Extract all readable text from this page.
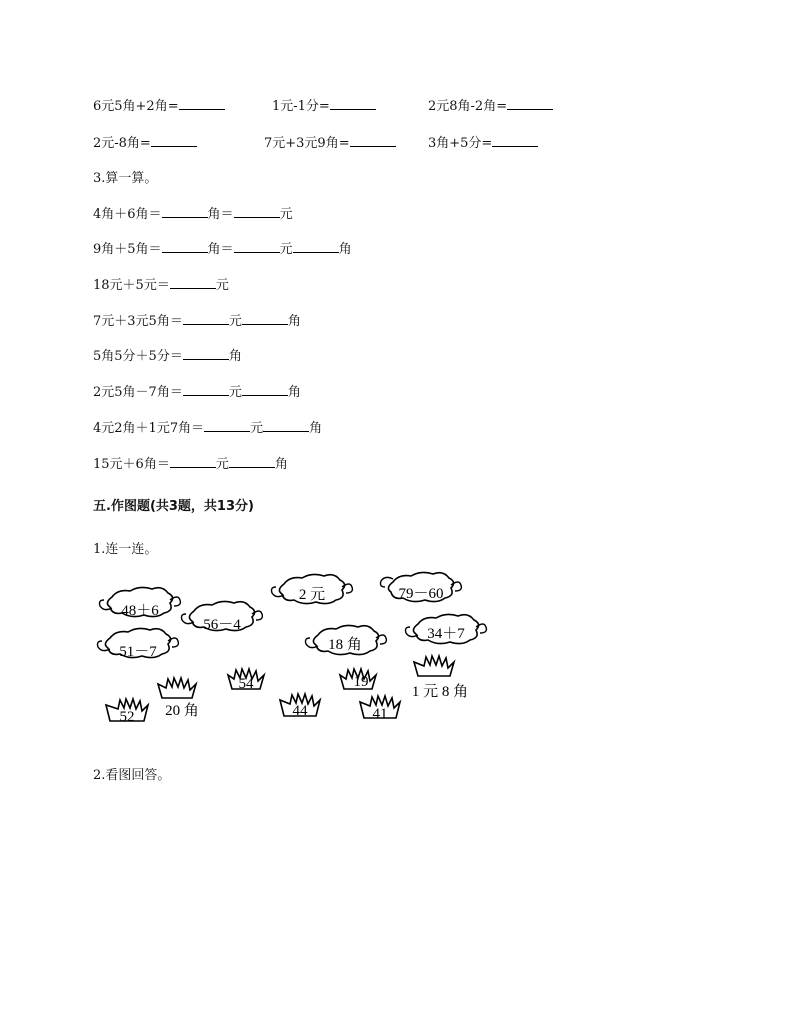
6元5角+2角=	1元-1分=	2元8角-2角=
2元-8角=	7元+3元9角=	3角+5分=
3.算一算。
4角＋6角＝	角＝	元
9角＋5角＝	角＝	元	角
18元＋5元＝	元
7元＋3元5角＝	元	角
5角5分＋5分＝	角
2元5角－7角＝	元	角
4元2角＋1元7角＝	元	角
15元＋6角＝	元	角
五.作图题(共3题，共13分)
1.连一连。
48＋6
56－4
2 元	79－60
51－7	18 角
34＋7
54	19
20 角
52	44	41
1 元 8 角
2.看图回答。
